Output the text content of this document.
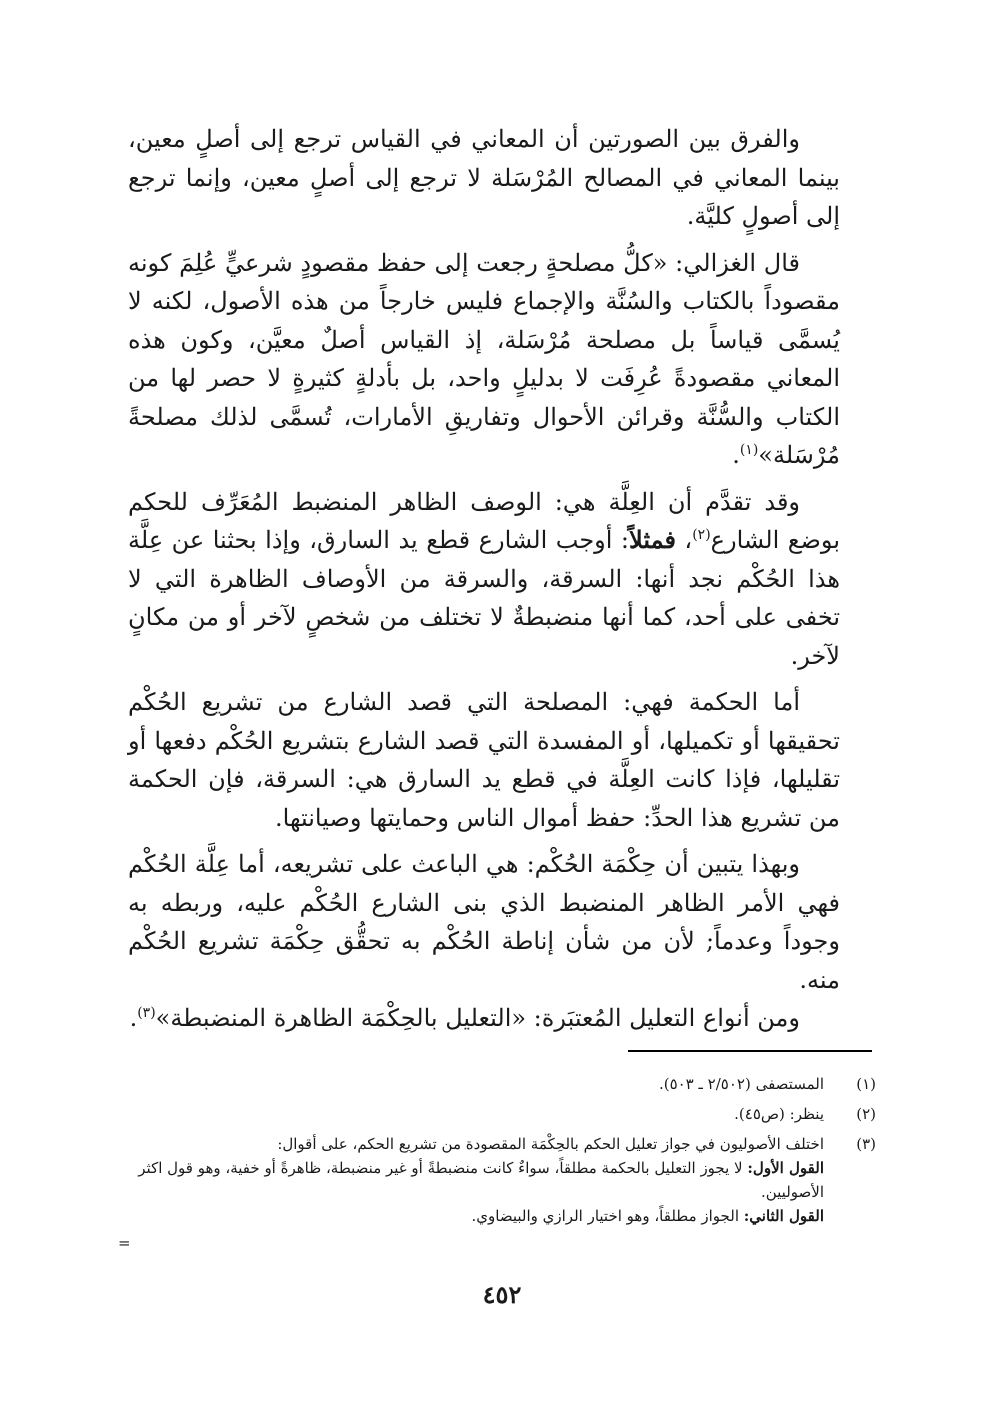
والفرق بين الصورتين أن المعاني في القياس ترجع إلى أصلٍ معين، بينما المعاني في المصالح المُرْسَلة لا ترجع إلى أصلٍ معين، وإنما ترجع إلى أصولٍ كليَّة.

قال الغزالي: «كلُّ مصلحةٍ رجعت إلى حفظ مقصودٍ شرعيٍّ عُلِمَ كونه مقصوداً بالكتاب والسُنَّة والإجماع فليس خارجاً من هذه الأصول، لكنه لا يُسمَّى قياساً بل مصلحة مُرْسَلة، إذ القياس أصلٌ معيَّن، وكون هذه المعاني مقصودةً عُرِفَت لا بدليلٍ واحد، بل بأدلةٍ كثيرةٍ لا حصر لها من الكتاب والسُّنَّة وقرائن الأحوال وتفاريقِ الأمارات، تُسمَّى لذلك مصلحةً مُرْسَلة»$^{(١)}$.

وقد تقدَّم أن العِلَّة هي: الوصف الظاهر المنضبط المُعَرِّف للحكم بوضع الشارع$^{(٢)}$، فمثلاً: أوجب الشارع قطع يد السارق، وإذا بحثنا عن عِلَّة هذا الحُكْم نجد أنها: السرقة، والسرقة من الأوصاف الظاهرة التي لا تخفى على أحد، كما أنها منضبطةٌ لا تختلف من شخصٍ لآخر أو من مكانٍ لآخر.

أما الحكمة فهي: المصلحة التي قصد الشارع من تشريع الحُكْم تحقيقها أو تكميلها، أو المفسدة التي قصد الشارع بتشريع الحُكْم دفعها أو تقليلها، فإذا كانت العِلَّة في قطع يد السارق هي: السرقة، فإن الحكمة من تشريع هذا الحدِّ: حفظ أموال الناس وحمايتها وصيانتها.

وبهذا يتبين أن حِكْمَة الحُكْم: هي الباعث على تشريعه، أما عِلَّة الحُكْم فهي الأمر الظاهر المنضبط الذي بنى الشارع الحُكْم عليه، وربطه به وجوداً وعدماً; لأن من شأن إناطة الحُكْم به تحقُّق حِكْمَة تشريع الحُكْم منه.

ومن أنواع التعليل المُعتبَرة: «التعليل بالحِكْمَة الظاهرة المنضبطة»$^{(٣)}$.

(١)
المستصفى (٢/٥٠٢ ـ ٥٠٣).
(٢)
ينظر: (ص٤٥).
(٣)
اختلف الأصوليون في جواز تعليل الحكم بالحِكْمَة المقصودة من تشريع الحكم، على أقوال:
القول الأول: لا يجوز التعليل بالحكمة مطلقاً، سواءٌ كانت منضبطةً أو غير منضبطة، ظاهرةً أو خفية، وهو قول اكثر الأصوليين.
القول الثاني: الجواز مطلقاً، وهو اختيار الرازي والبيضاوي.
=
٤٥٢
